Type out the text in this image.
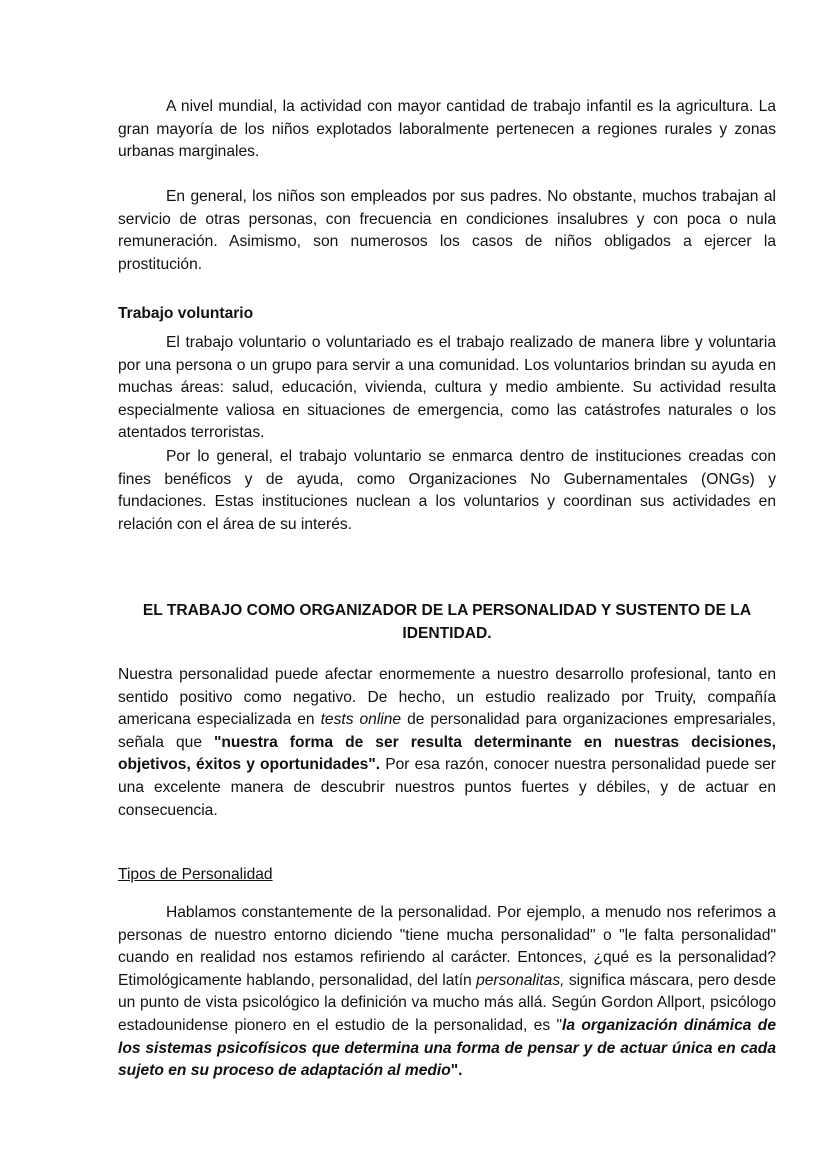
A nivel mundial, la actividad con mayor cantidad de trabajo infantil es la agricultura. La gran mayoría de los niños explotados laboralmente pertenecen a regiones rurales y zonas urbanas marginales.

En general, los niños son empleados por sus padres. No obstante, muchos trabajan al servicio de otras personas, con frecuencia en condiciones insalubres y con poca o nula remuneración. Asimismo, son numerosos los casos de niños obligados a ejercer la prostitución.

Trabajo voluntario

El trabajo voluntario o voluntariado es el trabajo realizado de manera libre y voluntaria por una persona o un grupo para servir a una comunidad. Los voluntarios brindan su ayuda en muchas áreas: salud, educación, vivienda, cultura y medio ambiente. Su actividad resulta especialmente valiosa en situaciones de emergencia, como las catástrofes naturales o los atentados terroristas.

Por lo general, el trabajo voluntario se enmarca dentro de instituciones creadas con fines benéficos y de ayuda, como Organizaciones No Gubernamentales (ONGs) y fundaciones. Estas instituciones nuclean a los voluntarios y coordinan sus actividades en relación con el área de su interés.

EL TRABAJO COMO ORGANIZADOR DE LA PERSONALIDAD Y SUSTENTO DE LA IDENTIDAD.

Nuestra personalidad puede afectar enormemente a nuestro desarrollo profesional, tanto en sentido positivo como negativo. De hecho, un estudio realizado por Truity, compañía americana especializada en tests online de personalidad para organizaciones empresariales, señala que "nuestra forma de ser resulta determinante en nuestras decisiones, objetivos, éxitos y oportunidades". Por esa razón, conocer nuestra personalidad puede ser una excelente manera de descubrir nuestros puntos fuertes y débiles, y de actuar en consecuencia.

Tipos de Personalidad

Hablamos constantemente de la personalidad. Por ejemplo, a menudo nos referimos a personas de nuestro entorno diciendo "tiene mucha personalidad" o "le falta personalidad" cuando en realidad nos estamos refiriendo al carácter. Entonces, ¿qué es la personalidad? Etimológicamente hablando, personalidad, del latín personalitas, significa máscara, pero desde un punto de vista psicológico la definición va mucho más allá. Según Gordon Allport, psicólogo estadounidense pionero en el estudio de la personalidad, es "la organización dinámica de los sistemas psicofísicos que determina una forma de pensar y de actuar única en cada sujeto en su proceso de adaptación al medio".
